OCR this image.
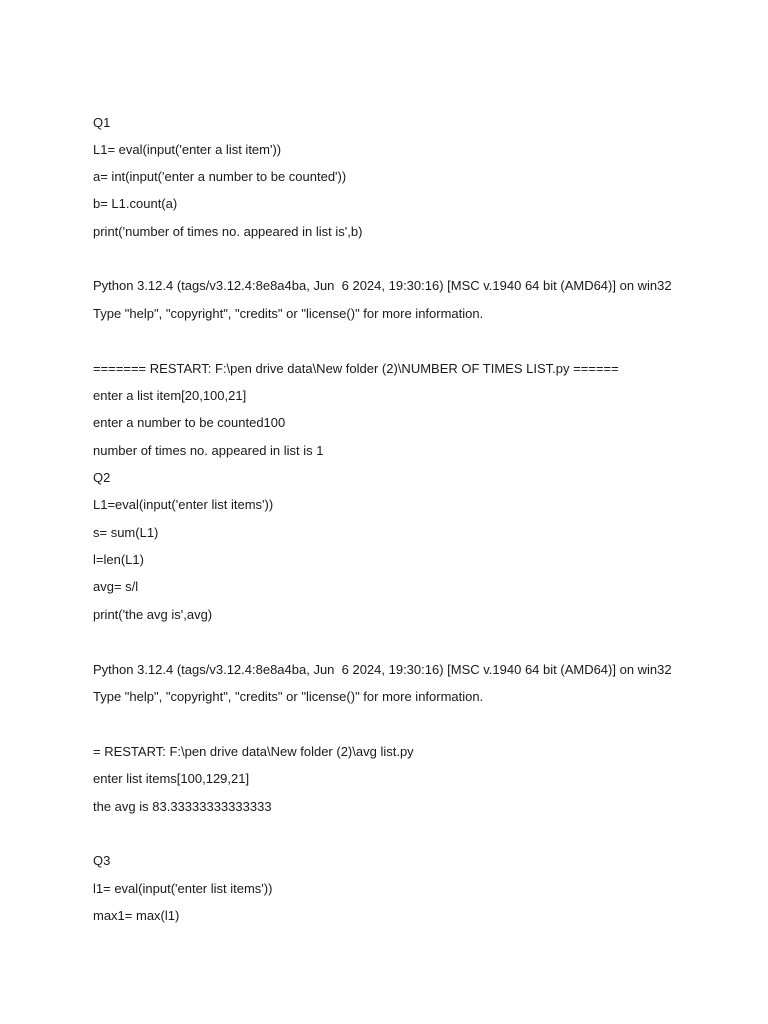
Q1
L1= eval(input('enter a list item'))
a= int(input('enter a number to be counted'))
b= L1.count(a)
print('number of times no. appeared in list is',b)
Python 3.12.4 (tags/v3.12.4:8e8a4ba, Jun  6 2024, 19:30:16) [MSC v.1940 64 bit (AMD64)] on win32
Type "help", "copyright", "credits" or "license()" for more information.
======= RESTART: F:\pen drive data\New folder (2)\NUMBER OF TIMES LIST.py ======
enter a list item[20,100,21]
enter a number to be counted100
number of times no. appeared in list is 1
Q2
L1=eval(input('enter list items'))
s= sum(L1)
l=len(L1)
avg= s/l
print('the avg is',avg)
Python 3.12.4 (tags/v3.12.4:8e8a4ba, Jun  6 2024, 19:30:16) [MSC v.1940 64 bit (AMD64)] on win32
Type "help", "copyright", "credits" or "license()" for more information.
= RESTART: F:\pen drive data\New folder (2)\avg list.py
enter list items[100,129,21]
the avg is 83.33333333333333
Q3
l1= eval(input('enter list items'))
max1= max(l1)
